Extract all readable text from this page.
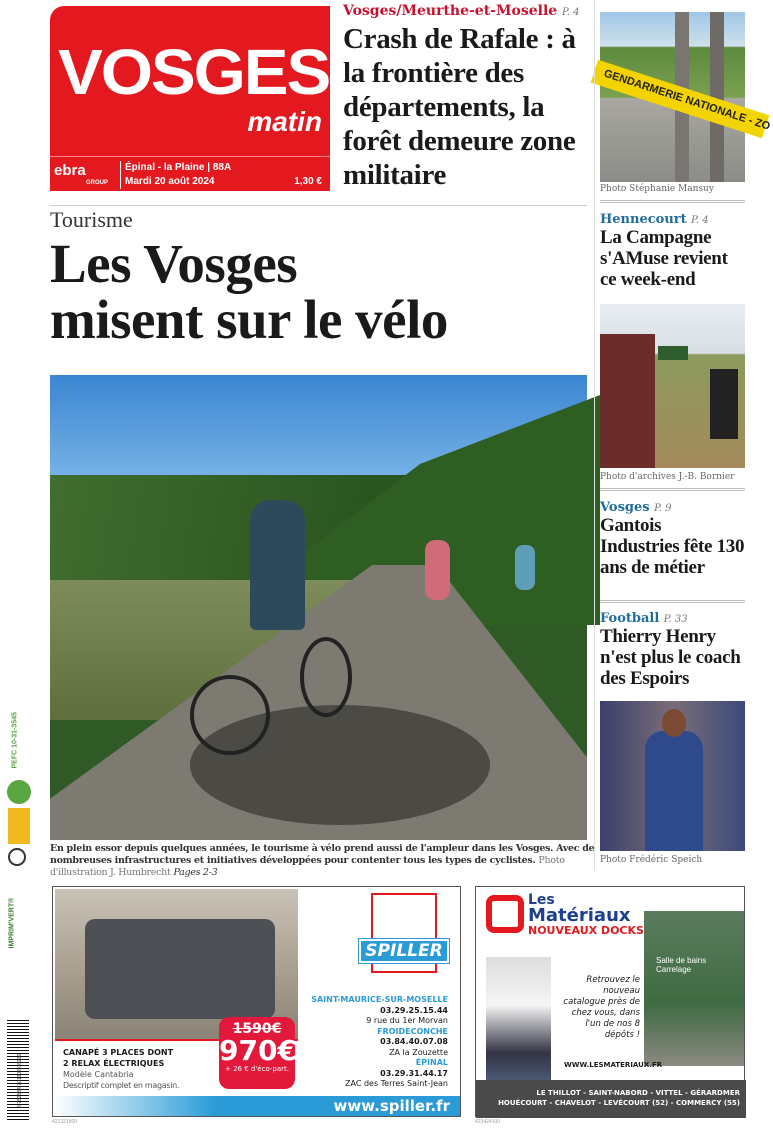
VOSGES
matin
ebra
GROUP
Épinal - la Plaine | 88A
Mardi 20 août 2024	1,30 €
Vosges/Meurthe-et-Moselle P. 4
Crash de Rafale : à la frontière des départements, la forêt demeure zone militaire
GENDARMERIE NATIONALE - ZO
Photo Stéphanie Mansuy
Tourisme
Les Vosges
misent sur le vélo
En plein essor depuis quelques années, le tourisme à vélo prend aussi de l'ampleur dans les Vosges. Avec de nombreuses infrastructures et initiatives développées pour contenter tous les types de cyclistes. Photo d'illustration J. Humbrecht Pages 2-3
Hennecourt P. 4
La Campagne s'AMuse revient ce week-end
Photo d'archives J.-B. Bornier
Vosges P. 9
Gantois Industries fête 130 ans de métier
Football P. 33
Thierry Henry n'est plus le coach des Espoirs
Photo Frédéric Speich
CANAPÉ 3 PLACES DONT
2 RELAX ÉLECTRIQUES
Modèle Cantabria
Descriptif complet en magasin.
1590€
970€
+ 26 € d'éco-part.
SPILLER
SAINT-MAURICE-SUR-MOSELLE
03.29.25.15.44
9 rue du 1er Morvan
FROIDECONCHE
03.84.40.07.08
ZA la Zouzette
ÉPINAL
03.29.31.44.17
ZAC des Terres Saint-Jean
www.spiller.fr
421321900
Les
Matériaux
NOUVEAUX DOCKS
Salle de bains Carrelage
Retrouvez le nouveau catalogue près de chez vous, dans l'un de nos 8 dépôts !
WWW.LESMATERIAUX.FR
LE THILLOT - SAINT-NABORD - VITTEL - GÉRARDMER
HOUÉCOURT - CHAVELOT - LEVÉCOURT (52) - COMMERCY (55)
423424100
PEFC 10-31-3545
IMPRIM'VERT®
3 782584 701302 08200
